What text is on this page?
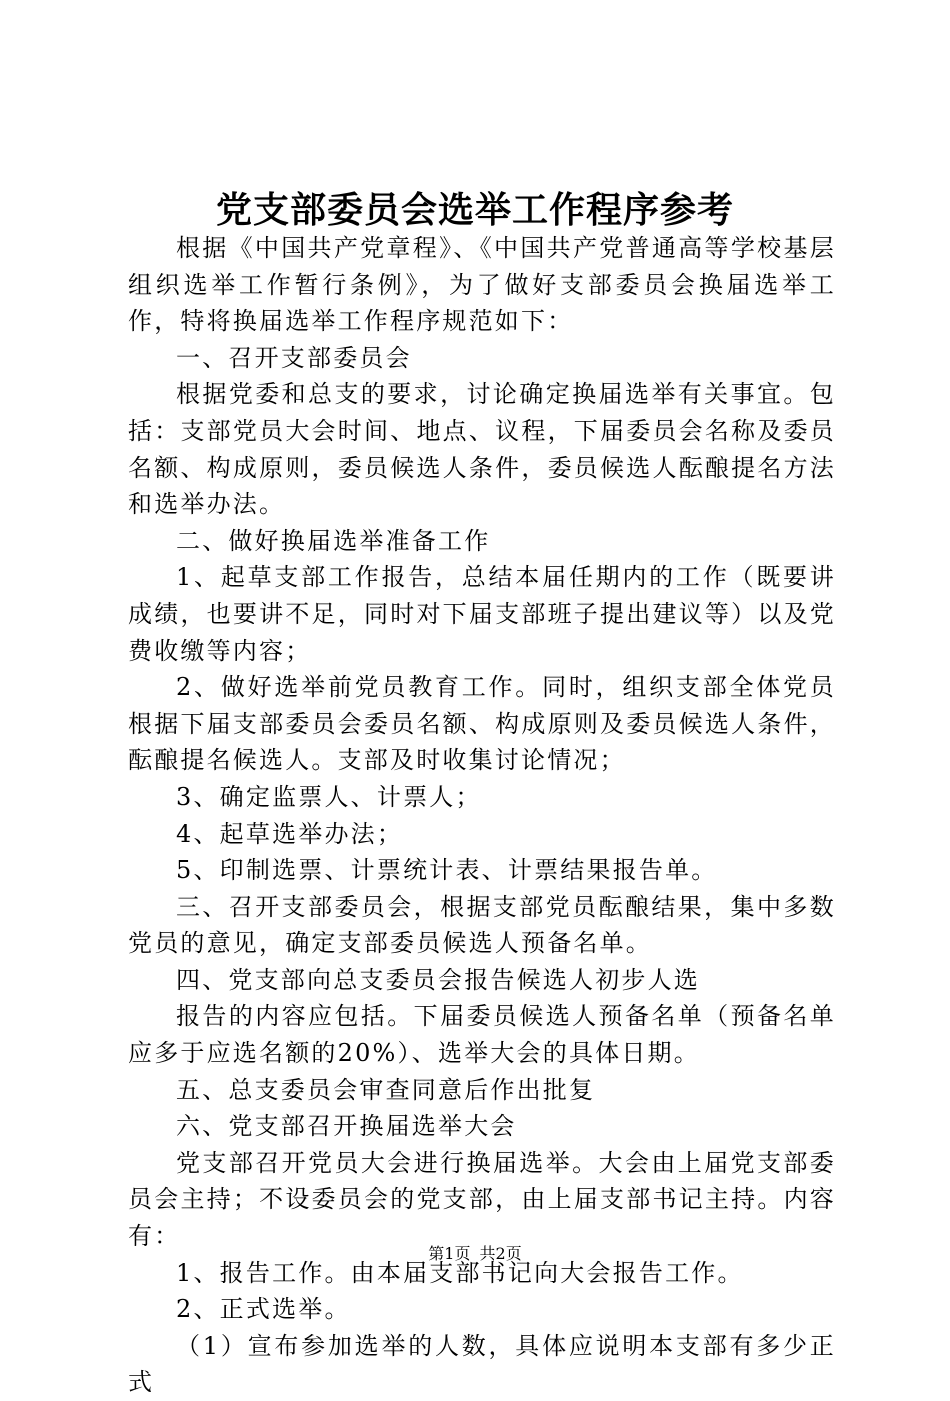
党支部委员会选举工作程序参考

根据《中国共产党章程》、《中国共产党普通高等学校基层组织选举工作暂行条例》，为了做好支部委员会换届选举工作，特将换届选举工作程序规范如下：

一、召开支部委员会

根据党委和总支的要求，讨论确定换届选举有关事宜。包括：支部党员大会时间、地点、议程，下届委员会名称及委员名额、构成原则，委员候选人条件，委员候选人酝酿提名方法和选举办法。

二、做好换届选举准备工作

1、起草支部工作报告，总结本届任期内的工作（既要讲成绩，也要讲不足，同时对下届支部班子提出建议等）以及党费收缴等内容；

2、做好选举前党员教育工作。同时，组织支部全体党员根据下届支部委员会委员名额、构成原则及委员候选人条件，酝酿提名候选人。支部及时收集讨论情况；

3、确定监票人、计票人；

4、起草选举办法；

5、印制选票、计票统计表、计票结果报告单。

三、召开支部委员会，根据支部党员酝酿结果，集中多数党员的意见，确定支部委员候选人预备名单。

四、党支部向总支委员会报告候选人初步人选

报告的内容应包括。下届委员候选人预备名单（预备名单应多于应选名额的20%）、选举大会的具体日期。

五、总支委员会审查同意后作出批复

六、党支部召开换届选举大会

党支部召开党员大会进行换届选举。大会由上届党支部委员会主持；不设委员会的党支部，由上届支部书记主持。内容有：

1、报告工作。由本届支部书记向大会报告工作。

2、正式选举。

（1）宣布参加选举的人数，具体应说明本支部有多少正式

第1页 共2页
